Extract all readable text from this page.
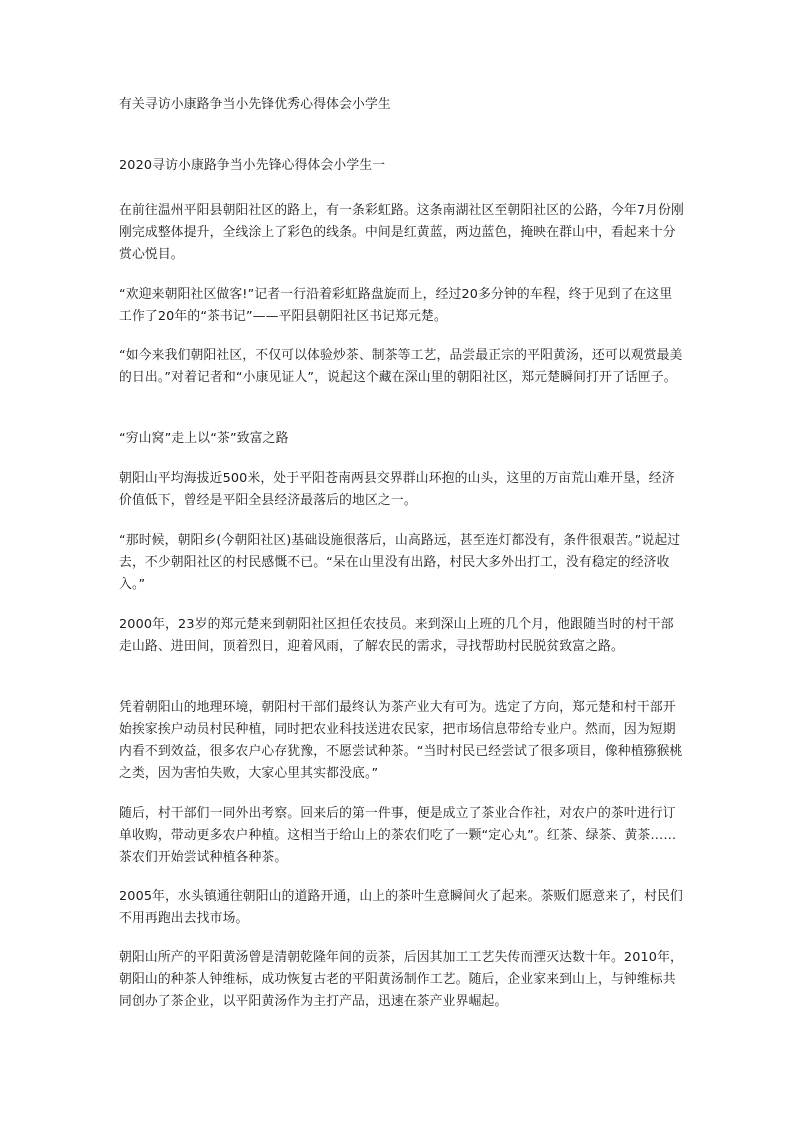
有关寻访小康路争当小先锋优秀心得体会小学生

2020寻访小康路争当小先锋心得体会小学生一

在前往温州平阳县朝阳社区的路上，有一条彩虹路。这条南湖社区至朝阳社区的公路，今年7月份刚刚完成整体提升，全线涂上了彩色的线条。中间是红黄蓝，两边蓝色，掩映在群山中，看起来十分赏心悦目。

“欢迎来朝阳社区做客!”记者一行沿着彩虹路盘旋而上，经过20多分钟的车程，终于见到了在这里工作了20年的“茶书记”——平阳县朝阳社区书记郑元楚。

“如今来我们朝阳社区，不仅可以体验炒茶、制茶等工艺，品尝最正宗的平阳黄汤，还可以观赏最美的日出。”对着记者和“小康见证人”，说起这个藏在深山里的朝阳社区，郑元楚瞬间打开了话匣子。

“穷山窝”走上以“茶”致富之路

朝阳山平均海拔近500米，处于平阳苍南两县交界群山环抱的山头，这里的万亩荒山难开垦，经济价值低下，曾经是平阳全县经济最落后的地区之一。

“那时候，朝阳乡(今朝阳社区)基础设施很落后，山高路远，甚至连灯都没有，条件很艰苦。”说起过去，不少朝阳社区的村民感慨不已。“呆在山里没有出路，村民大多外出打工，没有稳定的经济收入。”

2000年，23岁的郑元楚来到朝阳社区担任农技员。来到深山上班的几个月，他跟随当时的村干部走山路、进田间，顶着烈日，迎着风雨，了解农民的需求，寻找帮助村民脱贫致富之路。

凭着朝阳山的地理环境，朝阳村干部们最终认为茶产业大有可为。选定了方向，郑元楚和村干部开始挨家挨户动员村民种植，同时把农业科技送进农民家，把市场信息带给专业户。然而，因为短期内看不到效益，很多农户心存犹豫，不愿尝试种茶。“当时村民已经尝试了很多项目，像种植猕猴桃之类，因为害怕失败，大家心里其实都没底。”

随后，村干部们一同外出考察。回来后的第一件事，便是成立了茶业合作社，对农户的茶叶进行订单收购，带动更多农户种植。这相当于给山上的茶农们吃了一颗“定心丸”。红茶、绿茶、黄茶……茶农们开始尝试种植各种茶。

2005年，水头镇通往朝阳山的道路开通，山上的茶叶生意瞬间火了起来。茶贩们愿意来了，村民们不用再跑出去找市场。

朝阳山所产的平阳黄汤曾是清朝乾隆年间的贡茶，后因其加工工艺失传而湮灭达数十年。2010年，朝阳山的种茶人钟维标，成功恢复古老的平阳黄汤制作工艺。随后，企业家来到山上，与钟维标共同创办了茶企业，以平阳黄汤作为主打产品，迅速在茶产业界崛起。
